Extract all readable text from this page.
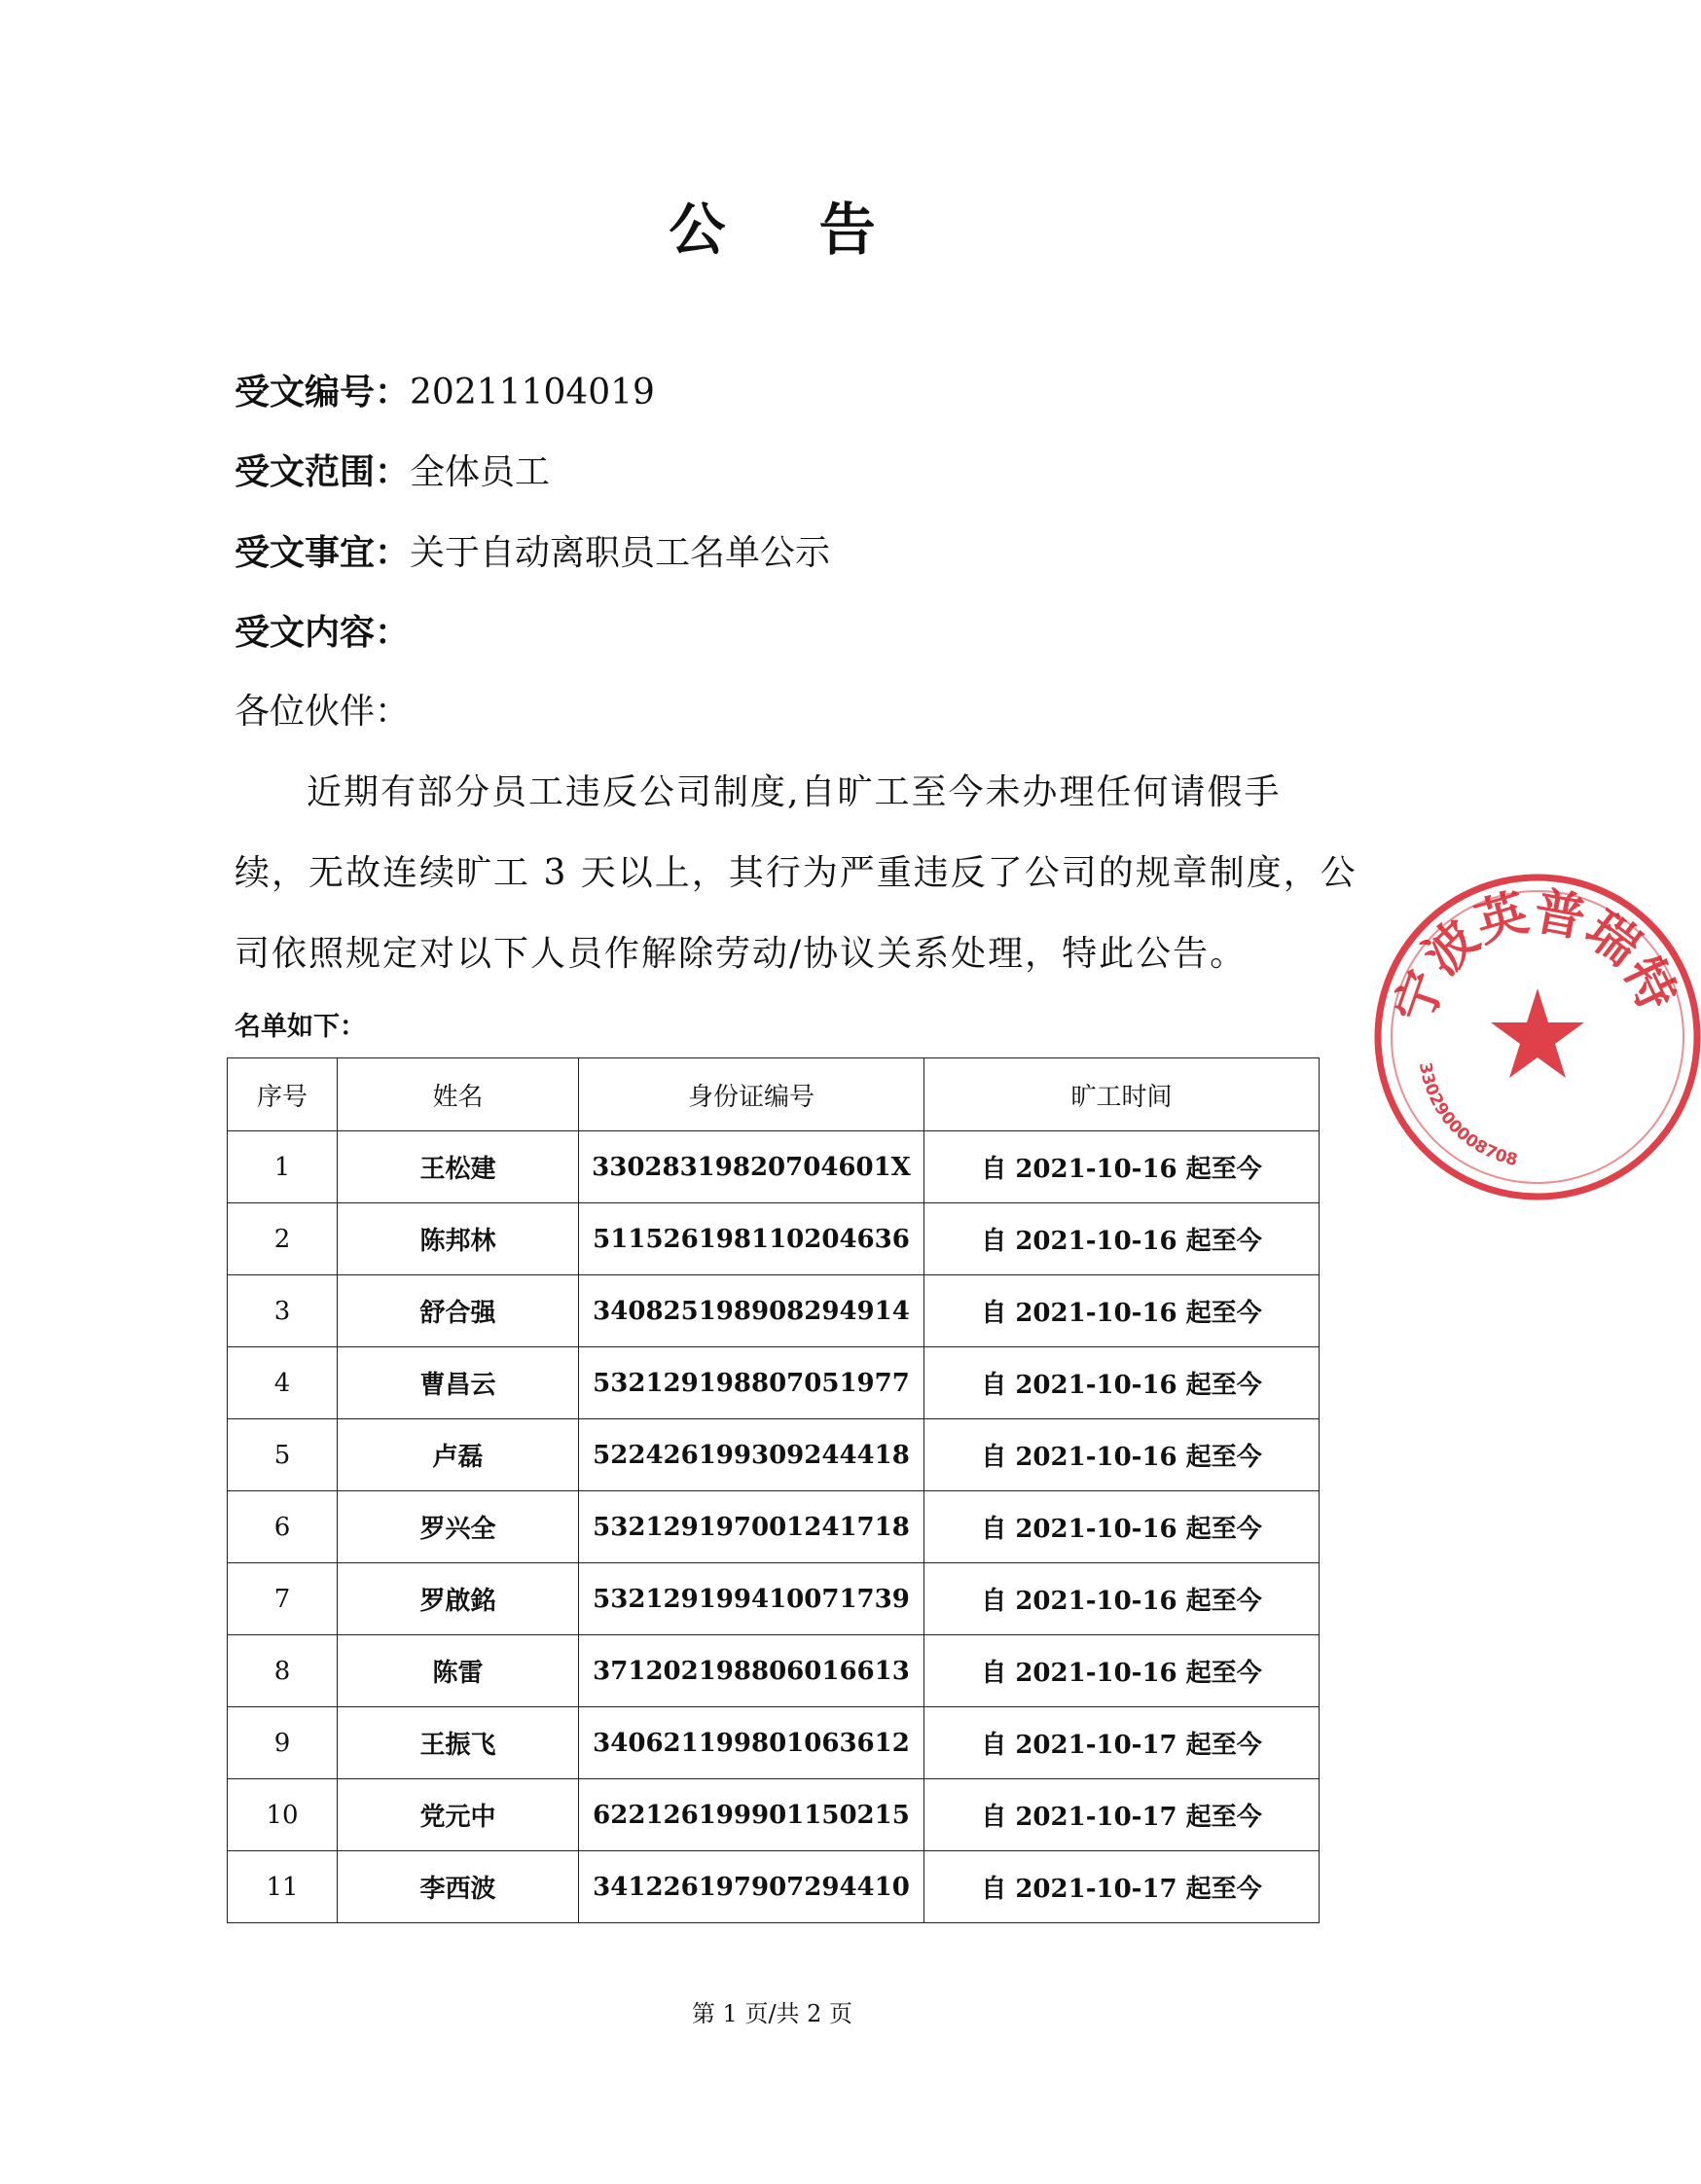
公 告
受文编号：20211104019
受文范围：全体员工
受文事宜：关于自动离职员工名单公示
受文内容：
各位伙伴：
近期有部分员工违反公司制度,自旷工至今未办理任何请假手
续，无故连续旷工 3 天以上，其行为严重违反了公司的规章制度，公
司依照规定对以下人员作解除劳动/协议关系处理，特此公告。
名单如下：
序号	姓名	身份证编号	旷工时间
1	王松建	33028319820704601X	自 2021-10-16 起至今
2	陈邦林	511526198110204636	自 2021-10-16 起至今
3	舒合强	340825198908294914	自 2021-10-16 起至今
4	曹昌云	532129198807051977	自 2021-10-16 起至今
5	卢磊	522426199309244418	自 2021-10-16 起至今
6	罗兴全	532129197001241718	自 2021-10-16 起至今
7	罗啟銘	532129199410071739	自 2021-10-16 起至今
8	陈雷	371202198806016613	自 2021-10-16 起至今
9	王振飞	340621199801063612	自 2021-10-17 起至今
10	党元中	622126199901150215	自 2021-10-17 起至今
11	李西波	341226197907294410	自 2021-10-17 起至今
第 1 页/共 2 页
宁波英普瑞特
3302900008708
